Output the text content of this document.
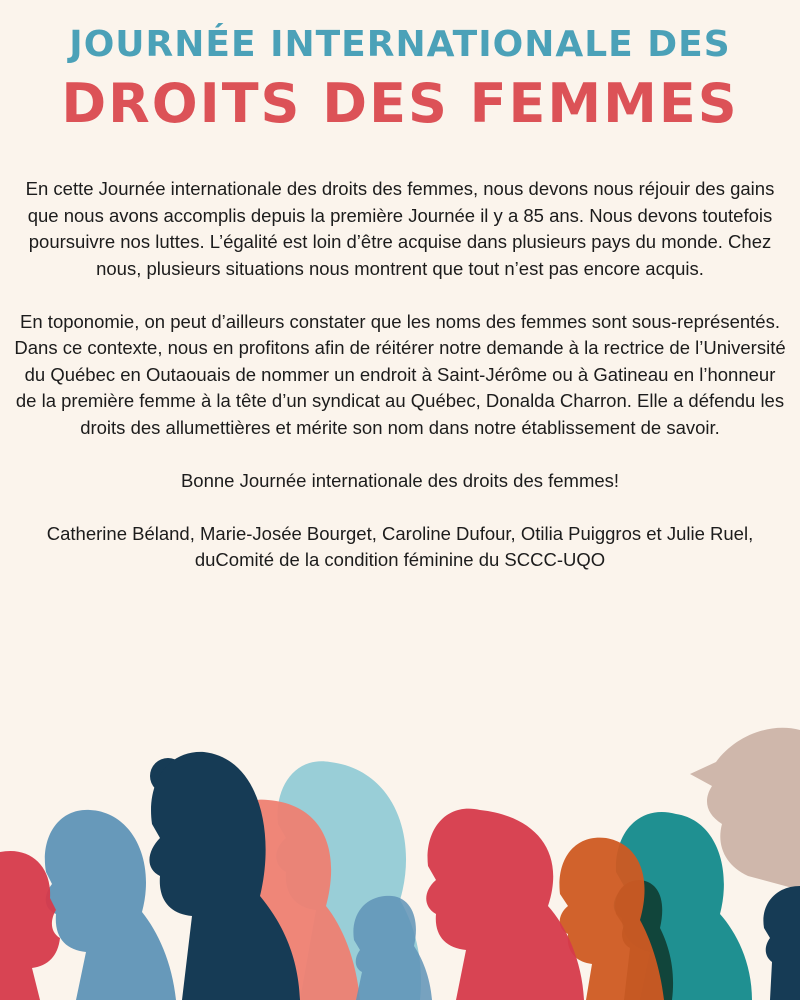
JOURNÉE INTERNATIONALE DES
DROITS DES FEMMES

En cette Journée internationale des droits des femmes, nous devons nous réjouir des gains que nous avons accomplis depuis la première Journée il y a 85 ans. Nous devons toutefois poursuivre nos luttes. L’égalité est loin d’être acquise dans plusieurs pays du monde. Chez nous, plusieurs situations nous montrent que tout n’est pas encore acquis.

En toponomie, on peut d’ailleurs constater que les noms des femmes sont sous-représentés. Dans ce contexte, nous en profitons afin de réitérer notre demande à la rectrice de l’Université du Québec en Outaouais de nommer un endroit à Saint-Jérôme ou à Gatineau en l’honneur de la première femme à la tête d’un syndicat au Québec, Donalda Charron. Elle a défendu les droits des allumettières et mérite son nom dans notre établissement de savoir.

Bonne Journée internationale des droits des femmes!

Catherine Béland, Marie-Josée Bourget, Caroline Dufour, Otilia Puiggros et Julie Ruel, duComité de la condition féminine du SCCC-UQO
